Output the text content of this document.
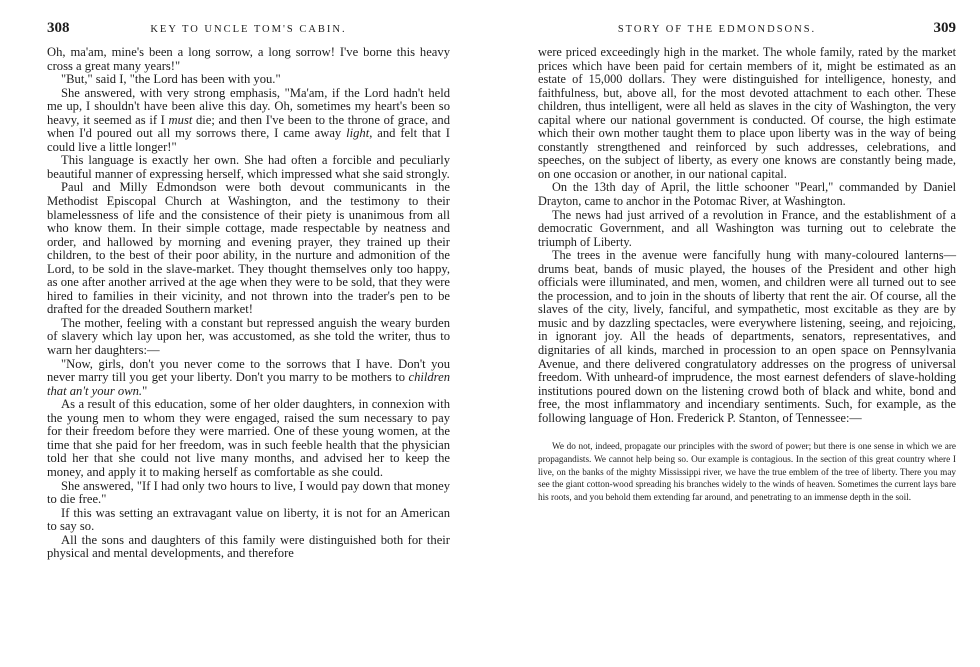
308	KEY TO UNCLE TOM'S CABIN.

Oh, ma'am, mine's been a long sorrow, a long sorrow! I've borne this heavy cross a great many years!"

"But," said I, "the Lord has been with you."

She answered, with very strong emphasis, "Ma'am, if the Lord hadn't held me up, I shouldn't have been alive this day. Oh, sometimes my heart's been so heavy, it seemed as if I must die; and then I've been to the throne of grace, and when I'd poured out all my sorrows there, I came away light, and felt that I could live a little longer!"

This language is exactly her own. She had often a forcible and peculiarly beautiful manner of expressing herself, which impressed what she said strongly.

Paul and Milly Edmondson were both devout communicants in the Methodist Episcopal Church at Washington, and the testimony to their blamelessness of life and the consistence of their piety is unanimous from all who know them. In their simple cottage, made respectable by neatness and order, and hallowed by morning and evening prayer, they trained up their children, to the best of their poor ability, in the nurture and admonition of the Lord, to be sold in the slave-market. They thought themselves only too happy, as one after another arrived at the age when they were to be sold, that they were hired to families in their vicinity, and not thrown into the trader's pen to be drafted for the dreaded Southern market!

The mother, feeling with a constant but repressed anguish the weary burden of slavery which lay upon her, was accustomed, as she told the writer, thus to warn her daughters:—

"Now, girls, don't you never come to the sorrows that I have. Don't you never marry till you get your liberty. Don't you marry to be mothers to children that an't your own."

As a result of this education, some of her older daughters, in connexion with the young men to whom they were engaged, raised the sum necessary to pay for their freedom before they were married. One of these young women, at the time that she paid for her freedom, was in such feeble health that the physician told her that she could not live many months, and advised her to keep the money, and apply it to making herself as comfortable as she could.

She answered, "If I had only two hours to live, I would pay down that money to die free."

If this was setting an extravagant value on liberty, it is not for an American to say so.

All the sons and daughters of this family were distinguished both for their physical and mental developments, and therefore

STORY OF THE EDMONDSONS.	309

were priced exceedingly high in the market. The whole family, rated by the market prices which have been paid for certain members of it, might be estimated as an estate of 15,000 dollars. They were distinguished for intelligence, honesty, and faithfulness, but, above all, for the most devoted attachment to each other. These children, thus intelligent, were all held as slaves in the city of Washington, the very capital where our national government is conducted. Of course, the high estimate which their own mother taught them to place upon liberty was in the way of being constantly strengthened and reinforced by such addresses, celebrations, and speeches, on the subject of liberty, as every one knows are constantly being made, on one occasion or another, in our national capital.

On the 13th day of April, the little schooner "Pearl," commanded by Daniel Drayton, came to anchor in the Potomac River, at Washington.

The news had just arrived of a revolution in France, and the establishment of a democratic Government, and all Washington was turning out to celebrate the triumph of Liberty.

The trees in the avenue were fancifully hung with many-coloured lanterns—drums beat, bands of music played, the houses of the President and other high officials were illuminated, and men, women, and children were all turned out to see the procession, and to join in the shouts of liberty that rent the air. Of course, all the slaves of the city, lively, fanciful, and sympathetic, most excitable as they are by music and by dazzling spectacles, were everywhere listening, seeing, and rejoicing, in ignorant joy. All the heads of departments, senators, representatives, and dignitaries of all kinds, marched in procession to an open space on Pennsylvania Avenue, and there delivered congratulatory addresses on the progress of universal freedom. With unheard-of imprudence, the most earnest defenders of slave-holding institutions poured down on the listening crowd both of black and white, bond and free, the most inflammatory and incendiary sentiments. Such, for example, as the following language of Hon. Frederick P. Stanton, of Tennessee:—

We do not, indeed, propagate our principles with the sword of power; but there is one sense in which we are propagandists. We cannot help being so. Our example is contagious. In the section of this great country where I live, on the banks of the mighty Mississippi river, we have the true emblem of the tree of liberty. There you may see the giant cotton-wood spreading his branches widely to the winds of heaven. Sometimes the current lays bare his roots, and you behold them extending far around, and penetrating to an immense depth in the soil.
